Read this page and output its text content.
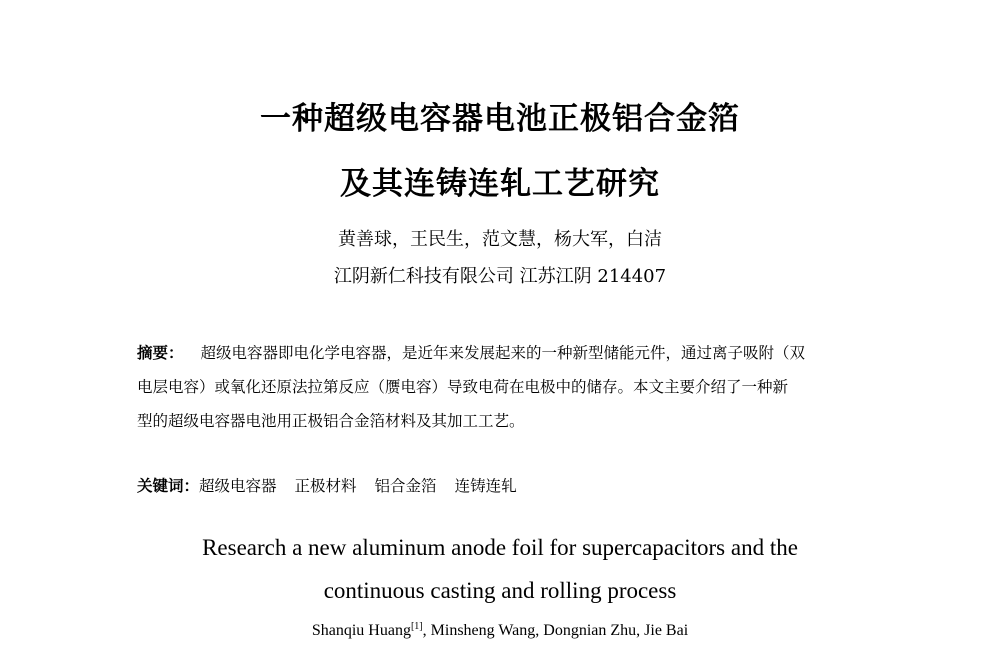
一种超级电容器电池正极铝合金箔
及其连铸连轧工艺研究
黄善球，王民生，范文慧，杨大军，白洁
江阴新仁科技有限公司 江苏江阴 214407
摘要： 超级电容器即电化学电容器，是近年来发展起来的一种新型储能元件，通过离子吸附（双
电层电容）或氧化还原法拉第反应（赝电容）导致电荷在电极中的储存。本文主要介绍了一种新
型的超级电容器电池用正极铝合金箔材料及其加工工艺。
关键词：超级电容器 正极材料 铝合金箔 连铸连轧
Research a new aluminum anode foil for supercapacitors and the
continuous casting and rolling process
Shanqiu Huang[1], Minsheng Wang, Dongnian Zhu, Jie Bai
